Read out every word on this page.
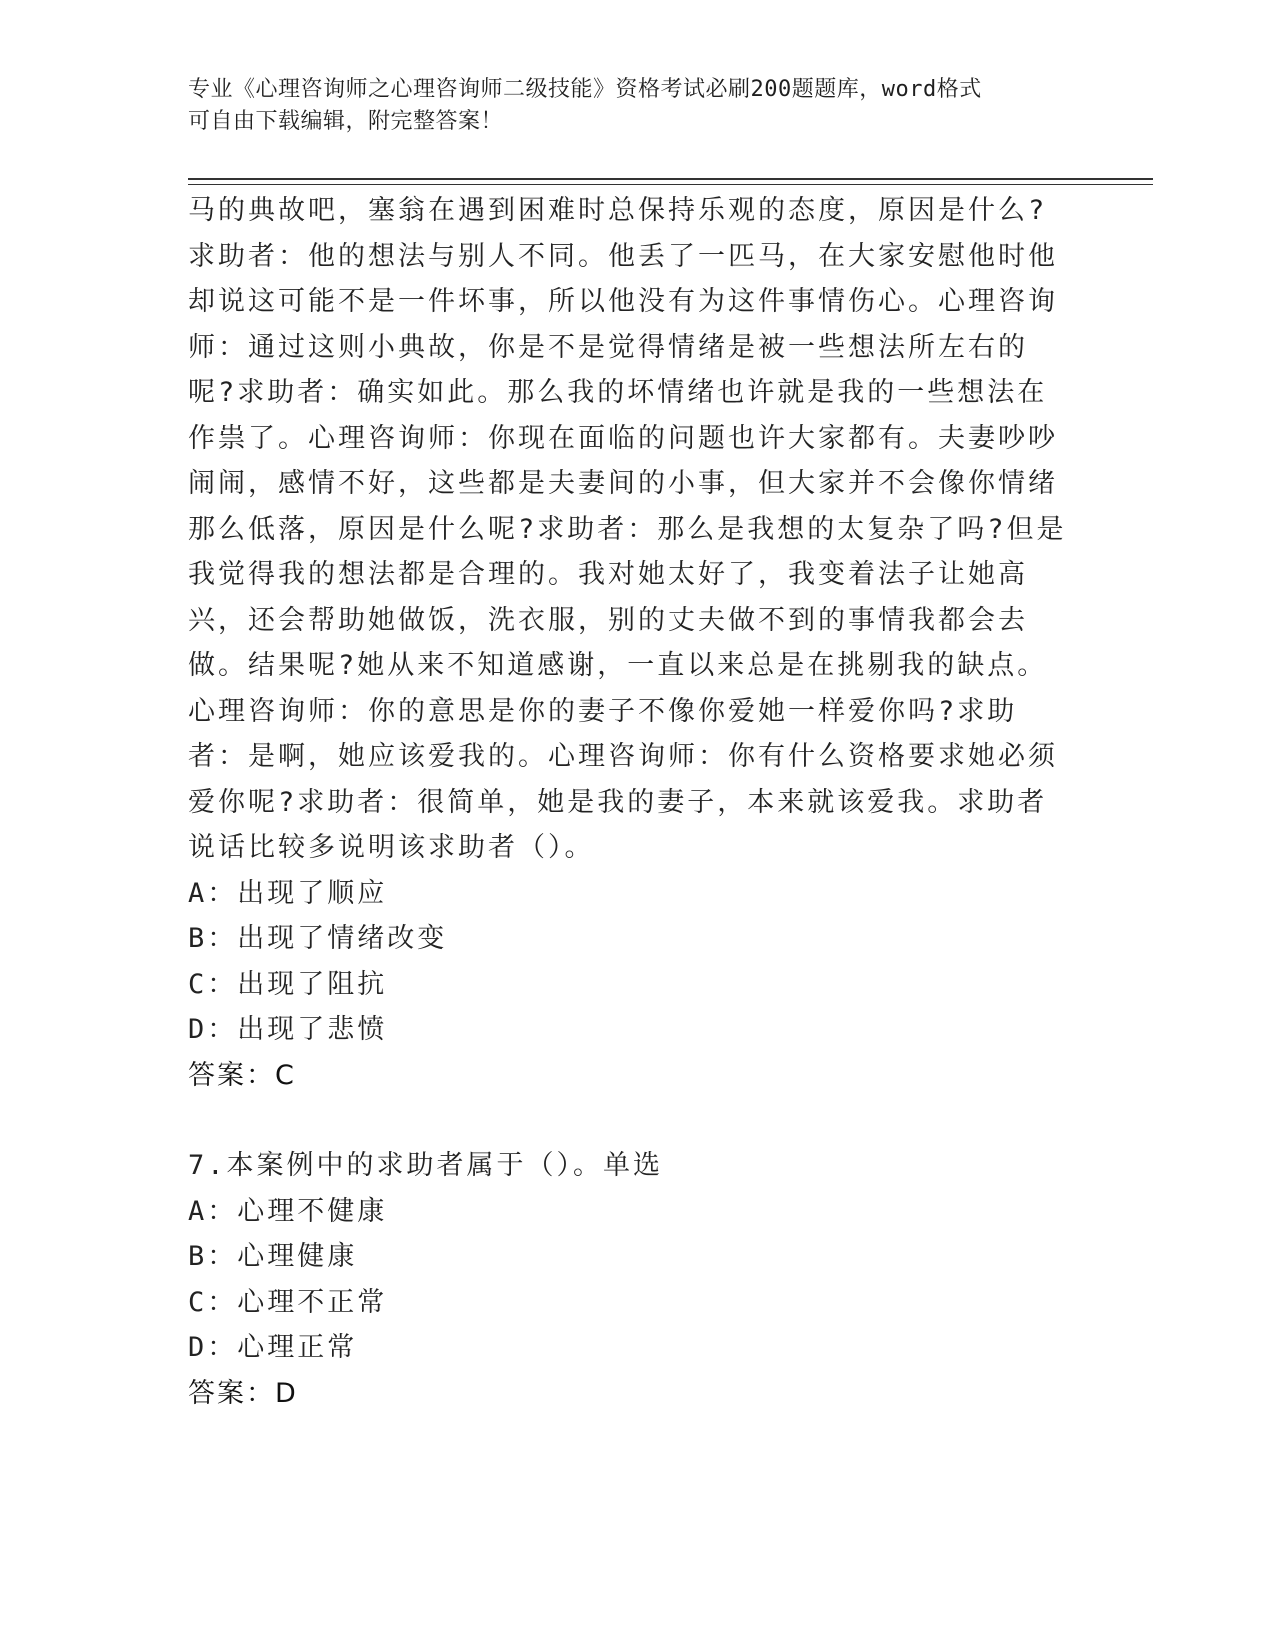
专业《心理咨询师之心理咨询师二级技能》资格考试必刷200题题库，word格式
可自由下载编辑，附完整答案！

马的典故吧，塞翁在遇到困难时总保持乐观的态度，原因是什么?求助者：他的想法与别人不同。他丢了一匹马，在大家安慰他时他却说这可能不是一件坏事，所以他没有为这件事情伤心。心理咨询师：通过这则小典故，你是不是觉得情绪是被一些想法所左右的呢?求助者：确实如此。那么我的坏情绪也许就是我的一些想法在作祟了。心理咨询师：你现在面临的问题也许大家都有。夫妻吵吵闹闹，感情不好，这些都是夫妻间的小事，但大家并不会像你情绪那么低落，原因是什么呢?求助者：那么是我想的太复杂了吗?但是我觉得我的想法都是合理的。我对她太好了，我变着法子让她高兴，还会帮助她做饭，洗衣服，别的丈夫做不到的事情我都会去做。结果呢?她从来不知道感谢，一直以来总是在挑剔我的缺点。心理咨询师：你的意思是你的妻子不像你爱她一样爱你吗?求助者：是啊，她应该爱我的。心理咨询师：你有什么资格要求她必须爱你呢?求助者：很简单，她是我的妻子，本来就该爱我。求助者说话比较多说明该求助者（）。

A：出现了顺应

B：出现了情绪改变

C：出现了阻抗

D：出现了悲愤

答案：C

7.本案例中的求助者属于（）。单选

A：心理不健康

B：心理健康

C：心理不正常

D：心理正常

答案：D
